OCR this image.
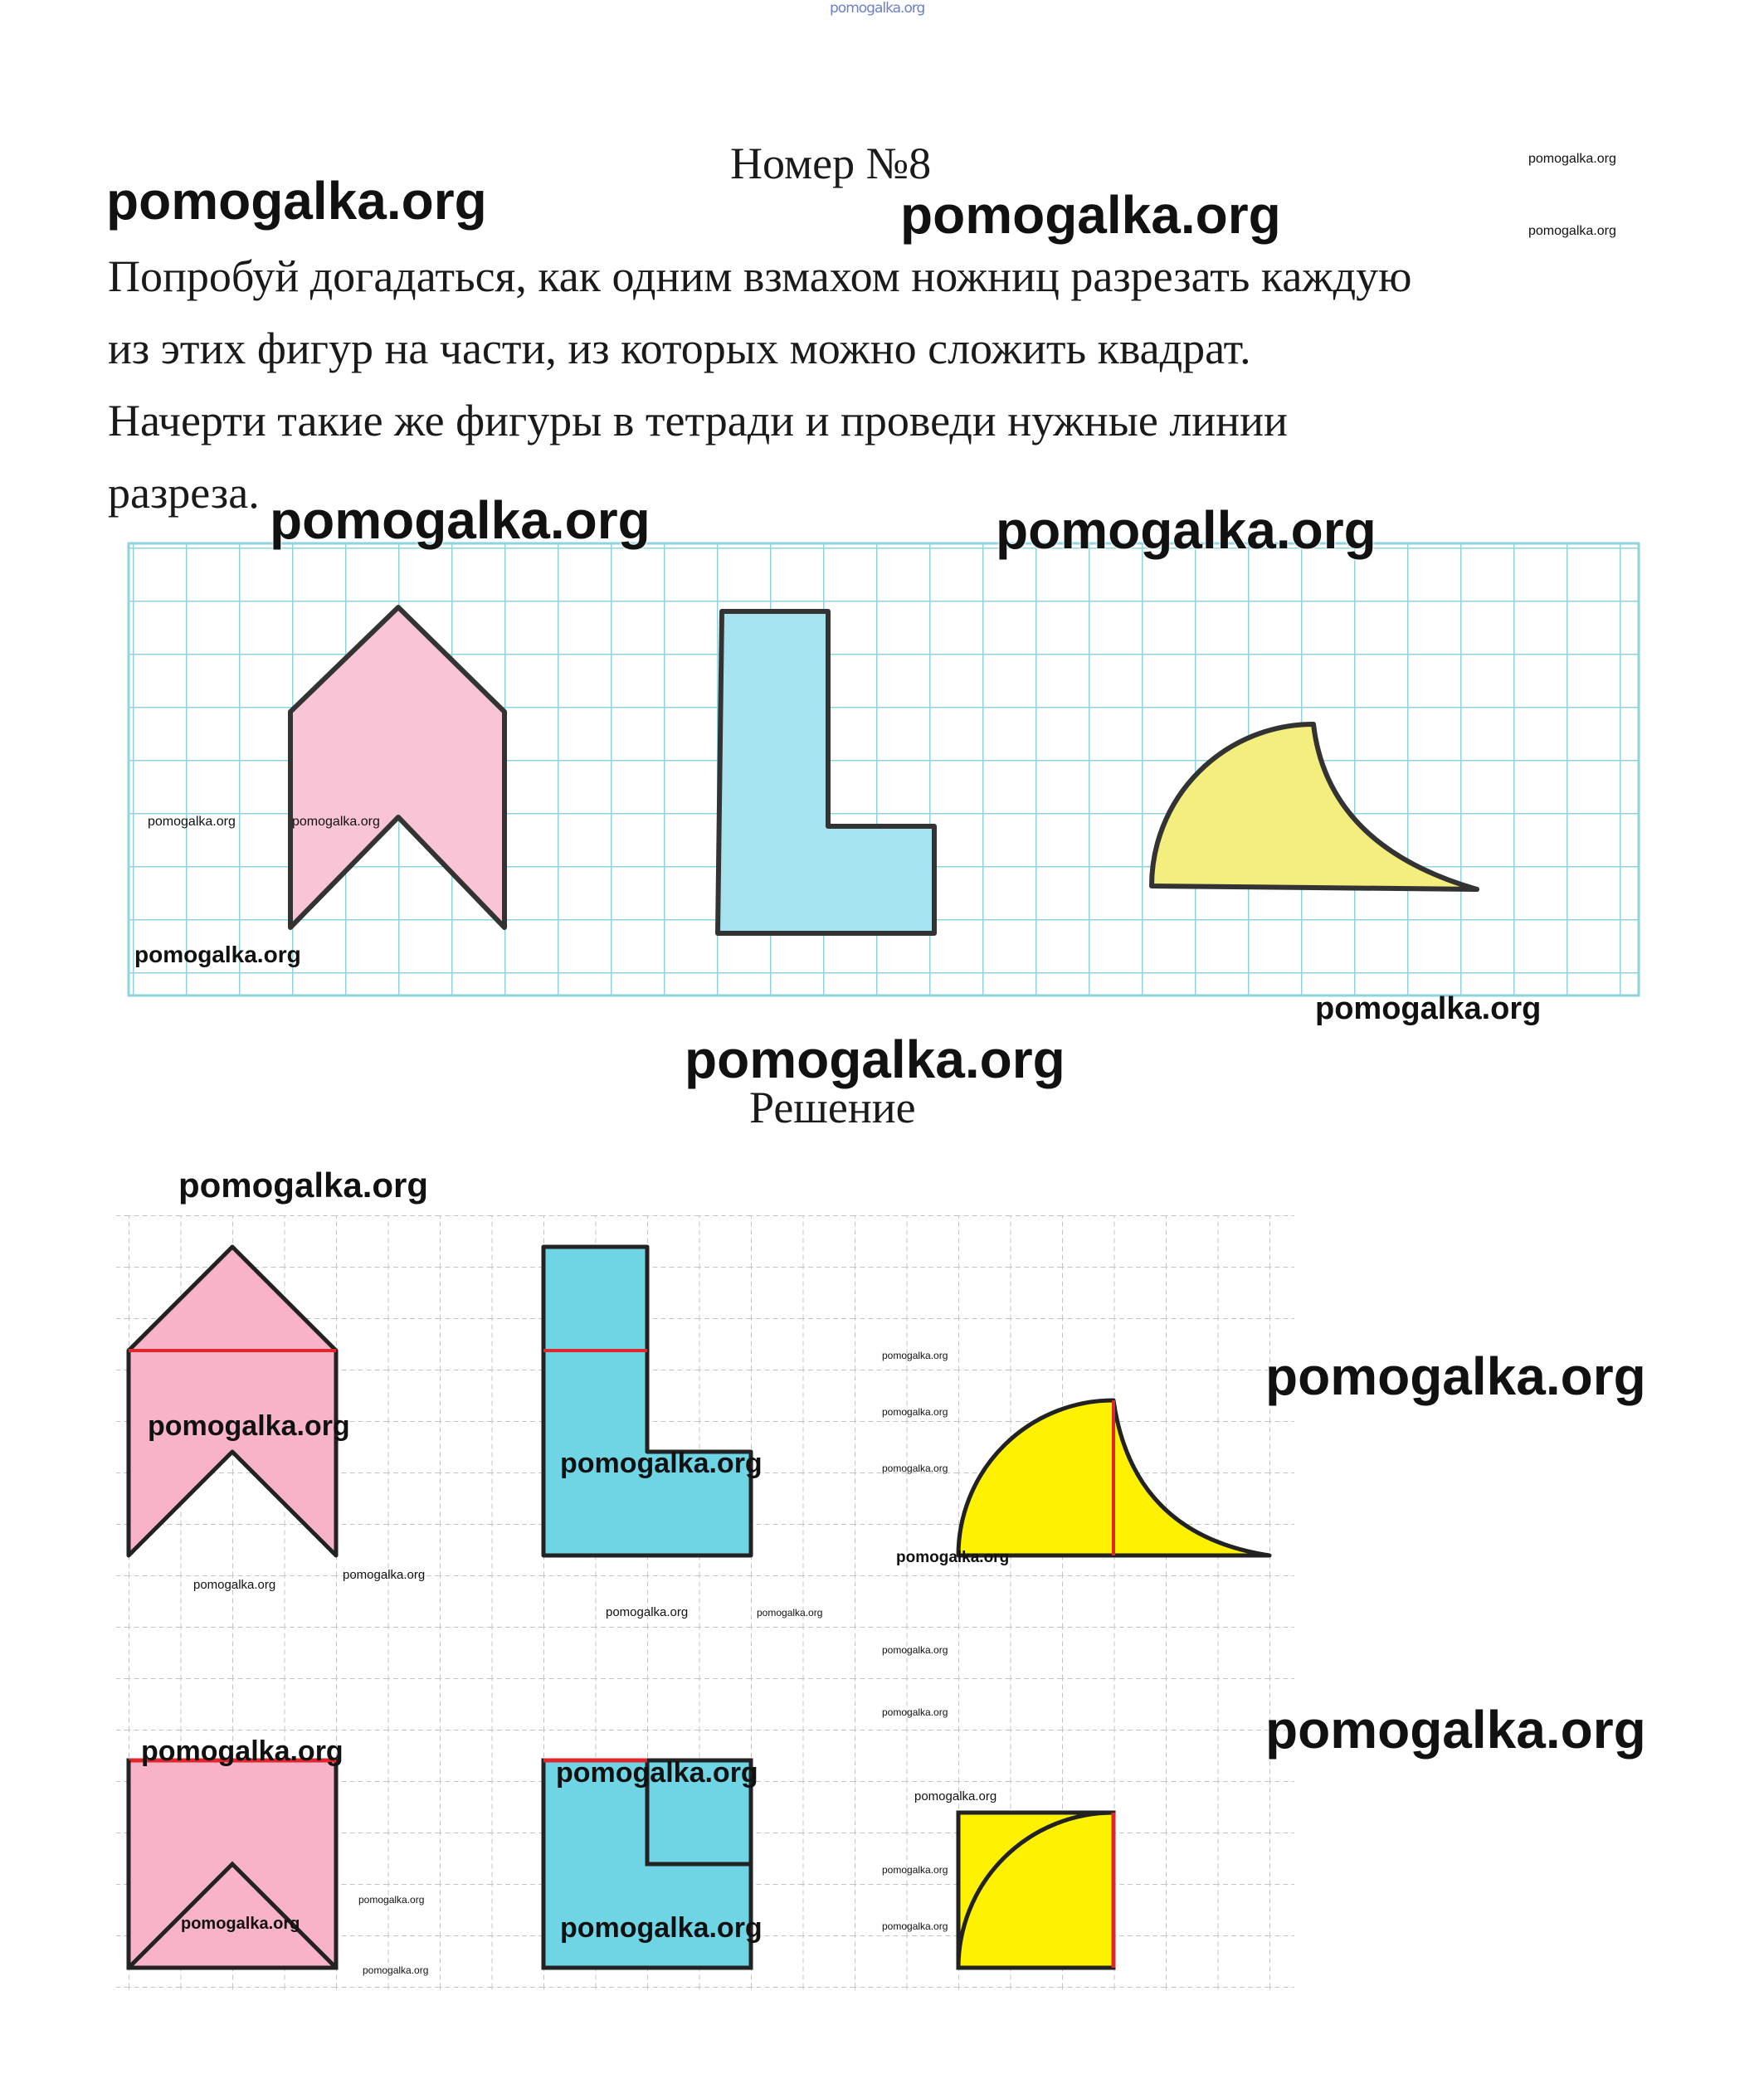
pomogalka.org
Номер №8
Попробуй догадаться, как одним взмахом ножниц разрезать каждую
из этих фигур на части, из которых можно сложить квадрат.
Начерти такие же фигуры в тетради и проведи нужные линии
разреза.
Решение
pomogalka.org	pomogalka.org
pomogalka.org
pomogalka.org
pomogalka.org	pomogalka.org
pomogalka.org	pomogalka.org
pomogalka.org
pomogalka.org
pomogalka.org
pomogalka.org
pomogalka.org
pomogalka.org
pomogalka.org
pomogalka.org
pomogalka.org
pomogalka.org
pomogalka.org
pomogalka.org
pomogalka.org
pomogalka.org	pomogalka.org
pomogalka.org
pomogalka.org	pomogalka.org
pomogalka.org
pomogalka.org
pomogalka.org
pomogalka.org
pomogalka.org
pomogalka.org	pomogalka.org	pomogalka.org
pomogalka.org
